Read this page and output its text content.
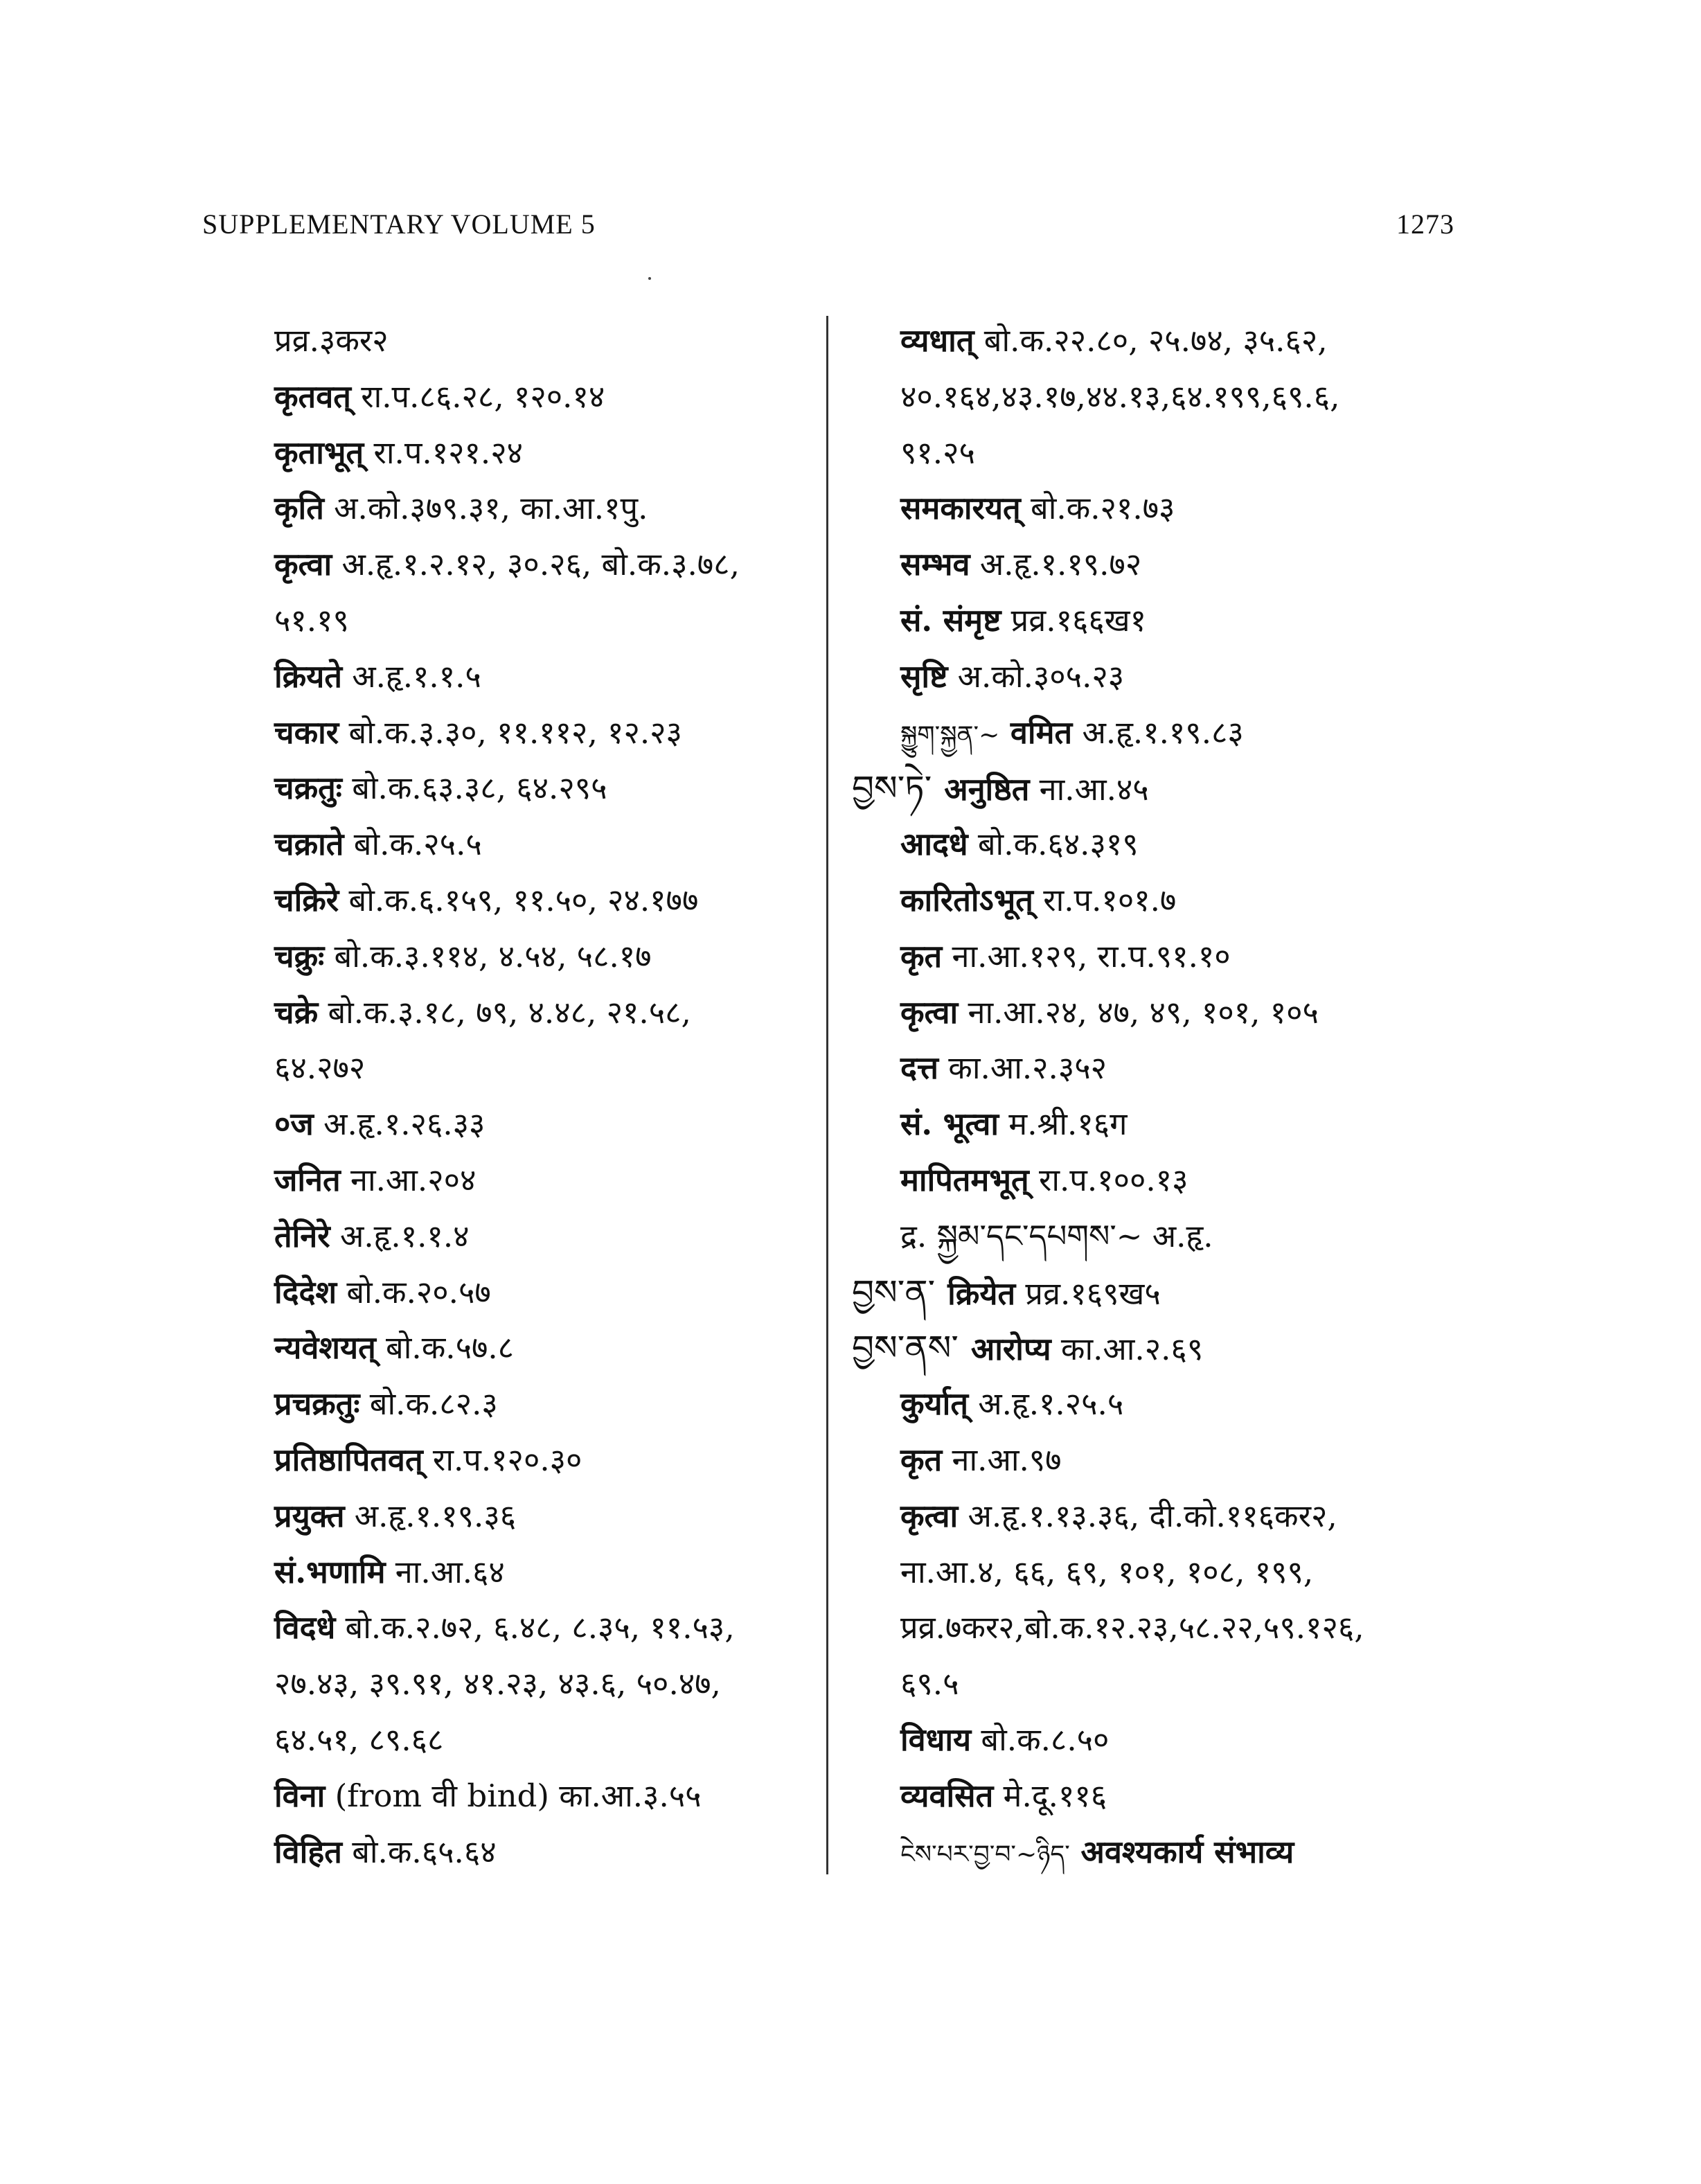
SUPPLEMENTARY VOLUME 5	1273
प्रव्र.३कर२
कृतवत् रा.प.८६.२८, १२०.१४
कृताभूत् रा.प.१२१.२४
कृति अ.को.३७९.३१, का.आ.१पु.
कृत्वा अ.हृ.१.२.१२, ३०.२६, बो.क.३.७८,
५१.१९
क्रियते अ.हृ.१.१.५
चकार बो.क.३.३०, ११.११२, १२.२३
चक्रतुः बो.क.६३.३८, ६४.२९५
चक्राते बो.क.२५.५
चक्रिरे बो.क.६.१५९, ११.५०, २४.१७७
चक्रुः बो.क.३.११४, ४.५४, ५८.१७
चक्रे बो.क.३.१८, ७९, ४.४८, २१.५८,
६४.२७२
०ज अ.हृ.१.२६.३३
जनित ना.आ.२०४
तेनिरे अ.हृ.१.१.४
दिदेश बो.क.२०.५७
न्यवेशयत् बो.क.५७.८
प्रचक्रतुः बो.क.८२.३
प्रतिष्ठापितवत् रा.प.१२०.३०
प्रयुक्त अ.हृ.१.१९.३६
सं.भणामि ना.आ.६४
विदधे बो.क.२.७२, ६.४८, ८.३५, ११.५३,
२७.४३, ३९.९१, ४१.२३, ४३.६, ५०.४७,
६४.५१, ८९.६८
विना (from वी bind) का.आ.३.५५
विहित बो.क.६५.६४
व्यधात् बो.क.२२.८०, २५.७४, ३५.६२,
४०.१६४,४३.१७,४४.१३,६४.१९९,६९.६,
९१.२५
समकारयत् बो.क.२१.७३
सम्भव अ.हृ.१.१९.७२
सं. संमृष्ट प्रव्र.१६६ख१
सृष्टि अ.को.३०५.२३
སྐྱུག་སྐྱན་~ वमित अ.हृ.१.१९.८३
བྱས་ཏེ་ अनुष्ठित ना.आ.४५
आदधे बो.क.६४.३१९
कारितोऽभूत् रा.प.१०१.७
कृत ना.आ.१२९, रा.प.९१.१०
कृत्वा ना.आ.२४, ४७, ४९, १०१, १०५
दत्त का.आ.२.३५२
सं. भूत्वा म.श्री.१६ग
मापितमभूत् रा.प.१००.१३
द्र. སྐྱམ་དང་དཔགས་~ अ.हृ.
བྱས་ན་ क्रियेत प्रव्र.१६९ख५
བྱས་ནས་ आरोप्य का.आ.२.६९
कुर्यात् अ.हृ.१.२५.५
कृत ना.आ.९७
कृत्वा अ.हृ.१.१३.३६, दी.को.११६कर२,
ना.आ.४, ६६, ६९, १०१, १०८, १९९,
प्रव्र.७कर२,बो.क.१२.२३,५८.२२,५९.१२६,
६९.५
विधाय बो.क.८.५०
व्यवसित मे.दू.११६
ངེས་པར་བྱ་བ་~ཉིད་ अवश्यकार्य संभाव्य
